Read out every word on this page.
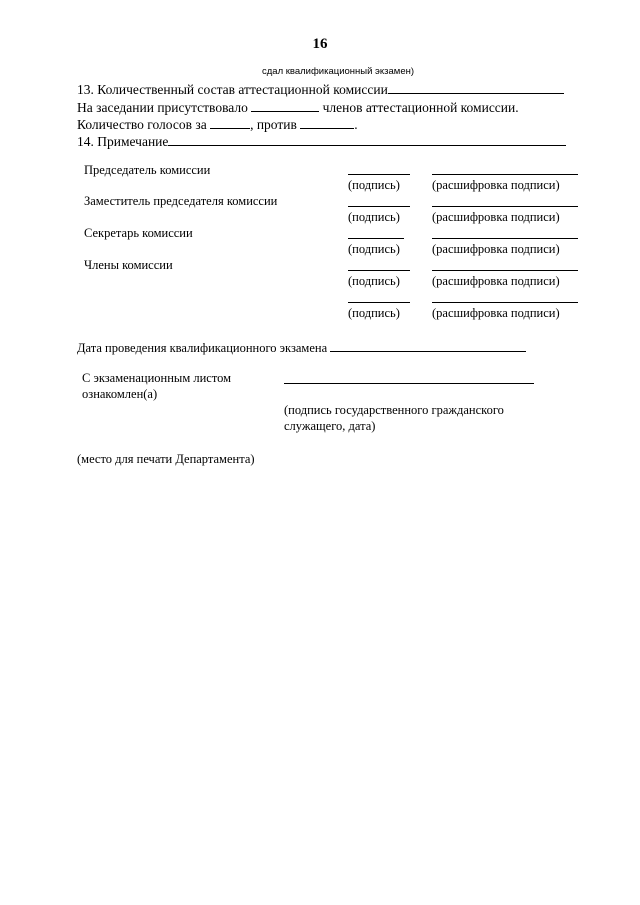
16
сдал квалификационный экзамен)
13. Количественный состав аттестационной комиссии
На заседании присутствовало	членов аттестационной комиссии.
Количество голосов за	, против	.
14. Примечание
Председатель комиссии
(подпись)	(расшифровка подписи)
Заместитель председателя комиссии
(подпись)	(расшифровка подписи)
Секретарь комиссии
(подпись)	(расшифровка подписи)
Члены комиссии
(подпись)	(расшифровка подписи)
(подпись)	(расшифровка подписи)
Дата проведения квалификационного экзамена
С экзаменационным листом
ознакомлен(а)
(подпись государственного гражданского
служащего, дата)
(место для печати Департамента)
